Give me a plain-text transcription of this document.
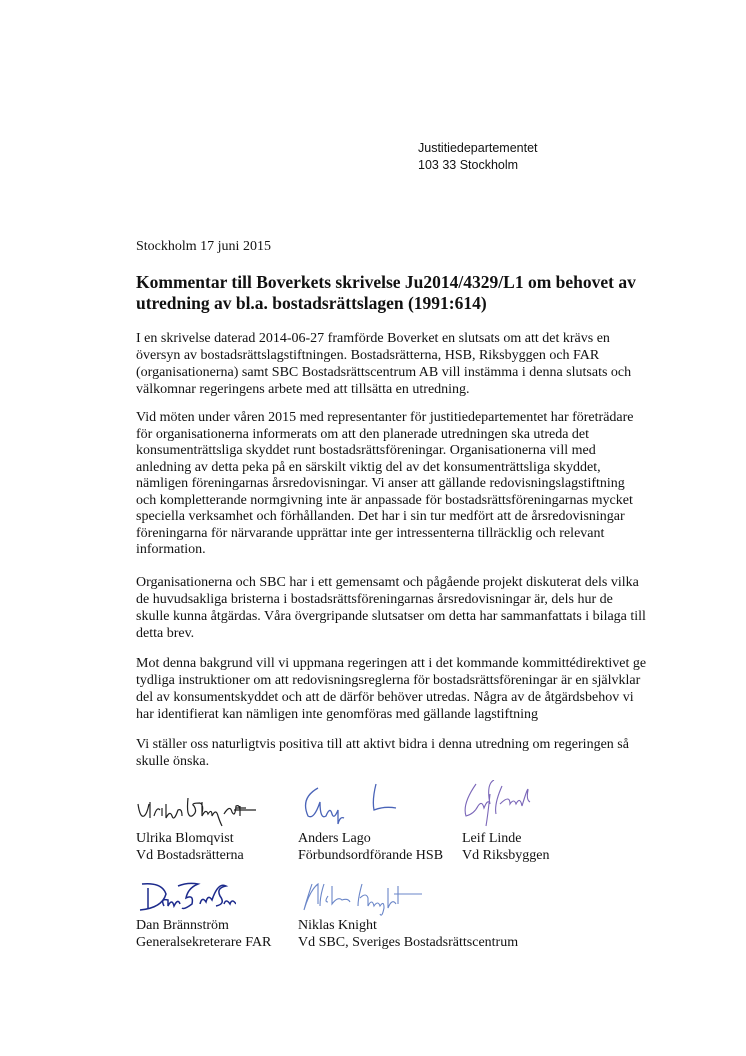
Justitiedepartementet
103 33 Stockholm
Stockholm 17 juni 2015
Kommentar till Boverkets skrivelse Ju2014/4329/L1 om behovet av
utredning av bl.a. bostadsrättslagen (1991:614)
I en skrivelse daterad 2014-06-27 framförde Boverket en slutsats om att det krävs en
översyn av bostadsrättslagstiftningen. Bostadsrätterna, HSB, Riksbyggen och FAR
(organisationerna) samt SBC Bostadsrättscentrum AB vill instämma i denna slutsats och
välkomnar regeringens arbete med att tillsätta en utredning.
Vid möten under våren 2015 med representanter för justitiedepartementet har företrädare
för organisationerna informerats om att den planerade utredningen ska utreda det
konsumenträttsliga skyddet runt bostadsrättsföreningar. Organisationerna vill med
anledning av detta peka på en särskilt viktig del av det konsumenträttsliga skyddet,
nämligen föreningarnas årsredovisningar. Vi anser att gällande redovisningslagstiftning
och kompletterande normgivning inte är anpassade för bostadsrättsföreningarnas mycket
speciella verksamhet och förhållanden. Det har i sin tur medfört att de årsredovisningar
föreningarna för närvarande upprättar inte ger intressenterna tillräcklig och relevant
information.
Organisationerna och SBC har i ett gemensamt och pågående projekt diskuterat dels vilka
de huvudsakliga bristerna i bostadsrättsföreningarnas årsredovisningar är, dels hur de
skulle kunna åtgärdas. Våra övergripande slutsatser om detta har sammanfattats i bilaga till
detta brev.
Mot denna bakgrund vill vi uppmana regeringen att i det kommande kommittédirektivet ge
tydliga instruktioner om att redovisningsreglerna för bostadsrättsföreningar är en självklar
del av konsumentskyddet och att de därför behöver utredas. Några av de åtgärdsbehov vi
har identifierat kan nämligen inte genomföras med gällande lagstiftning
Vi ställer oss naturligtvis positiva till att aktivt bidra i denna utredning om regeringen så
skulle önska.
Ulrika Blomqvist
Vd Bostadsrätterna
Anders Lago
Förbundsordförande HSB
Leif Linde
Vd Riksbyggen
Dan Brännström
Generalsekreterare FAR
Niklas Knight
Vd SBC, Sveriges Bostadsrättscentrum
